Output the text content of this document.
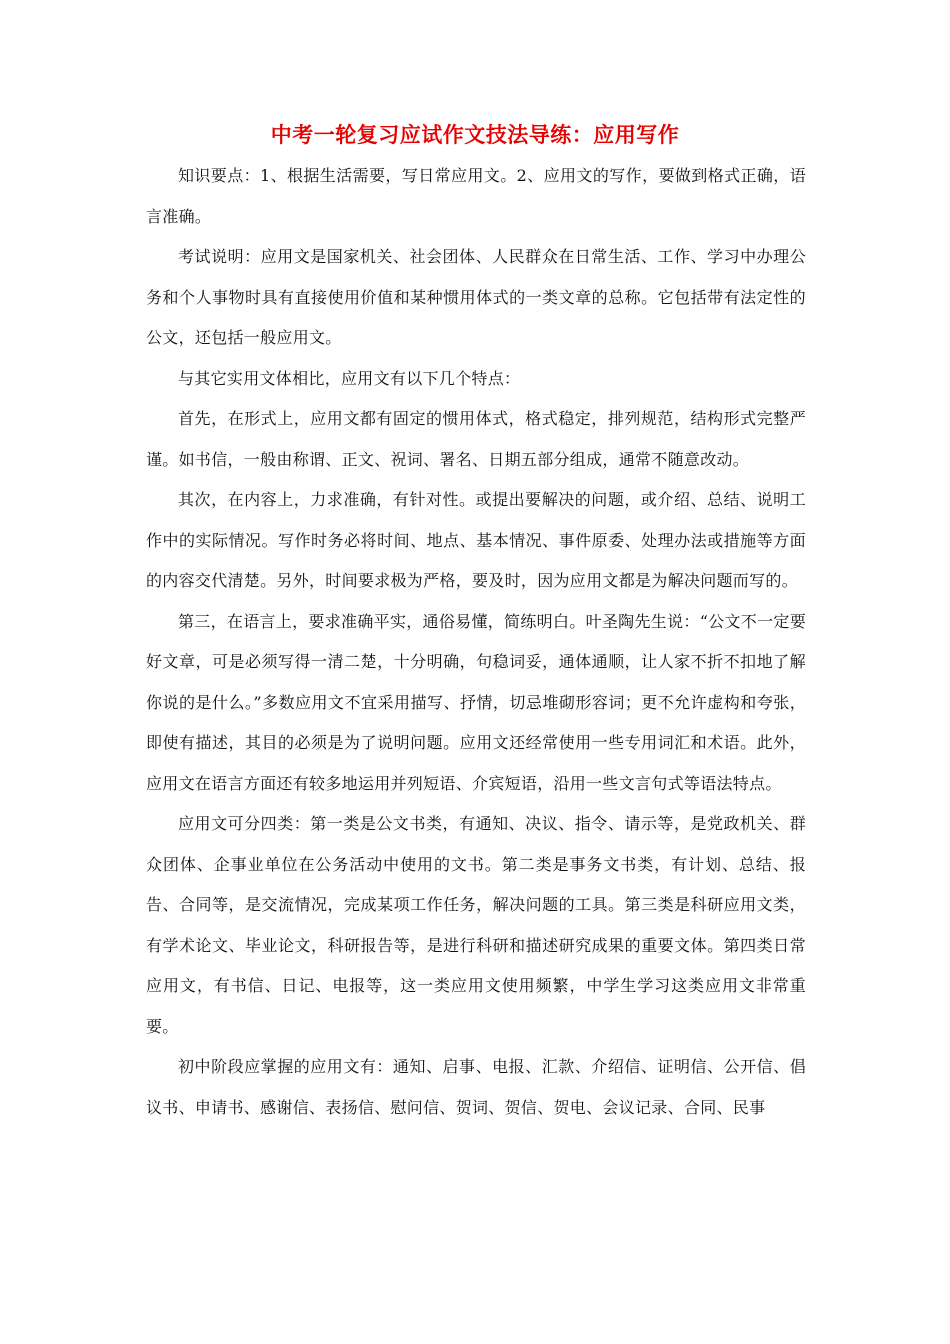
中考一轮复习应试作文技法导练：应用写作

知识要点：1、根据生活需要，写日常应用文。2、应用文的写作，要做到格式正确，语言准确。

考试说明：应用文是国家机关、社会团体、人民群众在日常生活、工作、学习中办理公务和个人事物时具有直接使用价值和某种惯用体式的一类文章的总称。它包括带有法定性的公文，还包括一般应用文。

与其它实用文体相比，应用文有以下几个特点：

首先，在形式上，应用文都有固定的惯用体式，格式稳定，排列规范，结构形式完整严谨。如书信，一般由称谓、正文、祝词、署名、日期五部分组成，通常不随意改动。

其次，在内容上，力求准确，有针对性。或提出要解决的问题，或介绍、总结、说明工作中的实际情况。写作时务必将时间、地点、基本情况、事件原委、处理办法或措施等方面的内容交代清楚。另外，时间要求极为严格，要及时，因为应用文都是为解决问题而写的。

第三，在语言上，要求准确平实，通俗易懂，简练明白。叶圣陶先生说：“公文不一定要好文章，可是必须写得一清二楚，十分明确，句稳词妥，通体通顺，让人家不折不扣地了解你说的是什么。”多数应用文不宜采用描写、抒情，切忌堆砌形容词；更不允许虚构和夸张，即使有描述，其目的必须是为了说明问题。应用文还经常使用一些专用词汇和术语。此外，应用文在语言方面还有较多地运用并列短语、介宾短语，沿用一些文言句式等语法特点。

应用文可分四类：第一类是公文书类，有通知、决议、指令、请示等，是党政机关、群众团体、企事业单位在公务活动中使用的文书。第二类是事务文书类，有计划、总结、报告、合同等，是交流情况，完成某项工作任务，解决问题的工具。第三类是科研应用文类，有学术论文、毕业论文，科研报告等，是进行科研和描述研究成果的重要文体。第四类日常应用文，有书信、日记、电报等，这一类应用文使用频繁，中学生学习这类应用文非常重要。

初中阶段应掌握的应用文有：通知、启事、电报、汇款、介绍信、证明信、公开信、倡议书、申请书、感谢信、表扬信、慰问信、贺词、贺信、贺电、会议记录、合同、民事
